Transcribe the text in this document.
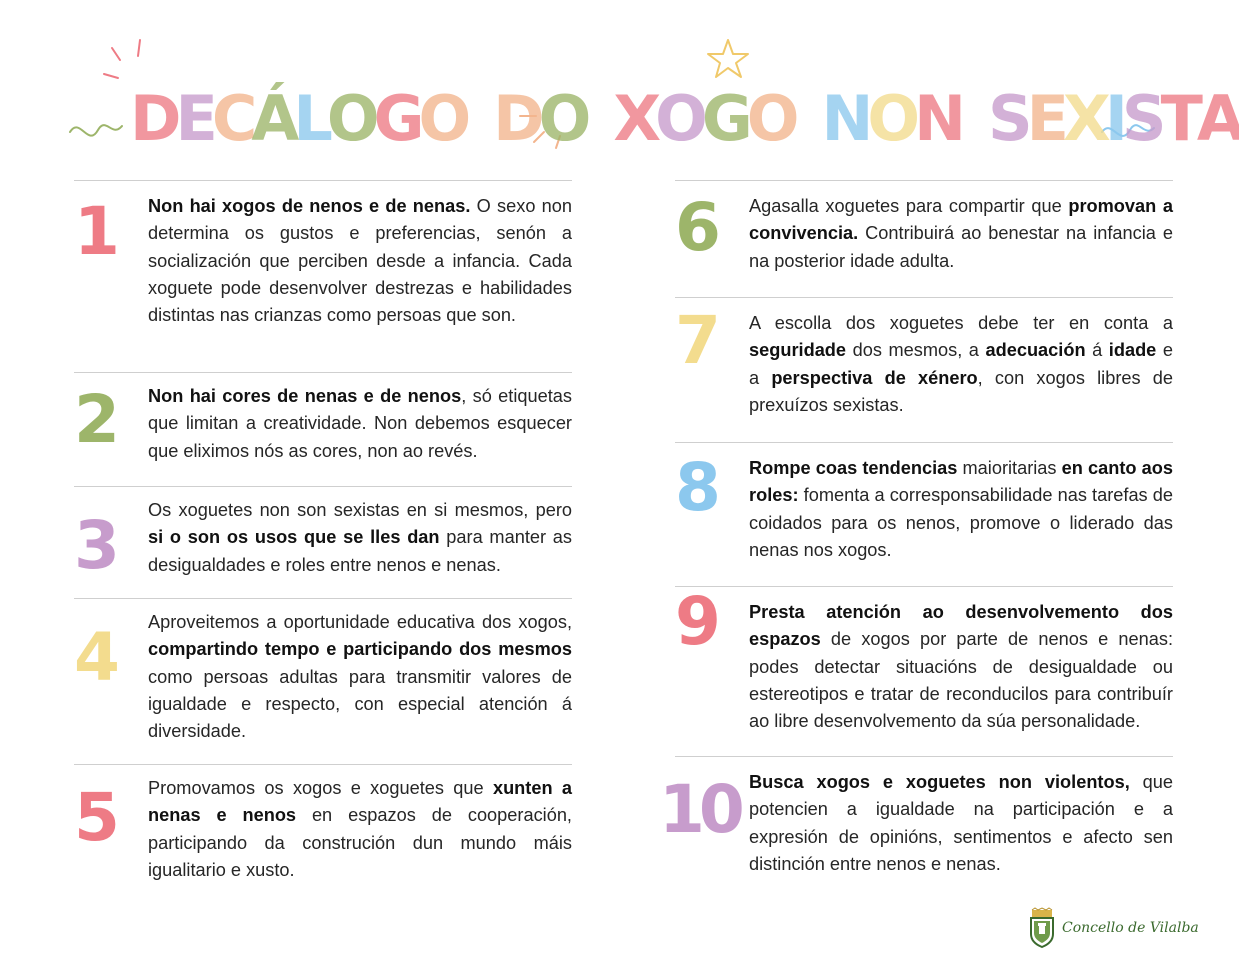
D E C Á L O G O D O X O G O N O N S E X I S T A
1 Non hai xogos de nenos e de nenas. O sexo non determina os gustos e preferencias, senón a socialización que perciben desde a infancia. Cada xoguete pode desenvolver destrezas e habilidades distintas nas crianzas como persoas que son.

2 Non hai cores de nenas e de nenos, só etiquetas que limitan a creatividade. Non debemos esquecer que eliximos nós as cores, non ao revés.

3 Os xoguetes non son sexistas en si mesmos, pero si o son os usos que se lles dan para manter as desigualdades e roles entre nenos e nenas.

4 Aproveitemos a oportunidade educativa dos xogos, compartindo tempo e participando dos mesmos como persoas adultas para transmitir valores de igualdade e respecto, con especial atención á diversidade.

5 Promovamos os xogos e xoguetes que xunten a nenas e nenos en espazos de cooperación, participando da construción dun mundo máis igualitario e xusto.

6 Agasalla xoguetes para compartir que promovan a convivencia. Contribuirá ao benestar na infancia e na posterior idade adulta.

7 A escolla dos xoguetes debe ter en conta a seguridade dos mesmos, a adecuación á idade e a perspectiva de xénero, con xogos libres de prexuízos sexistas.

8 Rompe coas tendencias maioritarias en canto aos roles: fomenta a corresponsabilidade nas tarefas de coidados para os nenos, promove o liderado das nenas nos xogos.

9 Presta atención ao desenvolvemento dos espazos de xogos por parte de nenos e nenas: podes detectar situacións de desigualdade ou estereotipos e tratar de reconducilos para contribuír ao libre desenvolvemento da súa personalidade.

10 Busca xogos e xoguetes non violentos, que potencien a igualdade na participación e a expresión de opinións, sentimentos e afecto sen distinción entre nenos e nenas.

Concello de Vilalba
